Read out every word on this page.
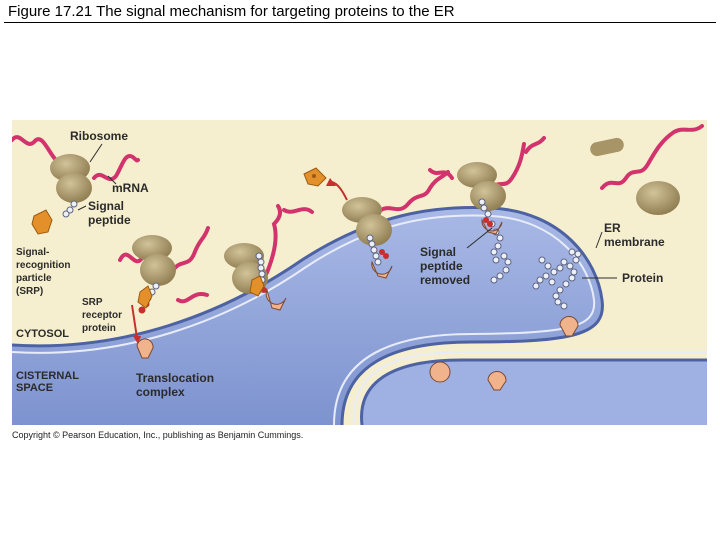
Figure 17.21 The signal mechanism for targeting proteins to the ER
Ribosome
mRNA
Signal
peptide
Signal-
recognition
particle
(SRP)
SRP
receptor
protein
CYTOSOL
CISTERNAL
SPACE
Translocation
complex
Signal
peptide
removed
ER
membrane
Protein
Copyright © Pearson Education, Inc., publishing as Benjamin Cummings.
